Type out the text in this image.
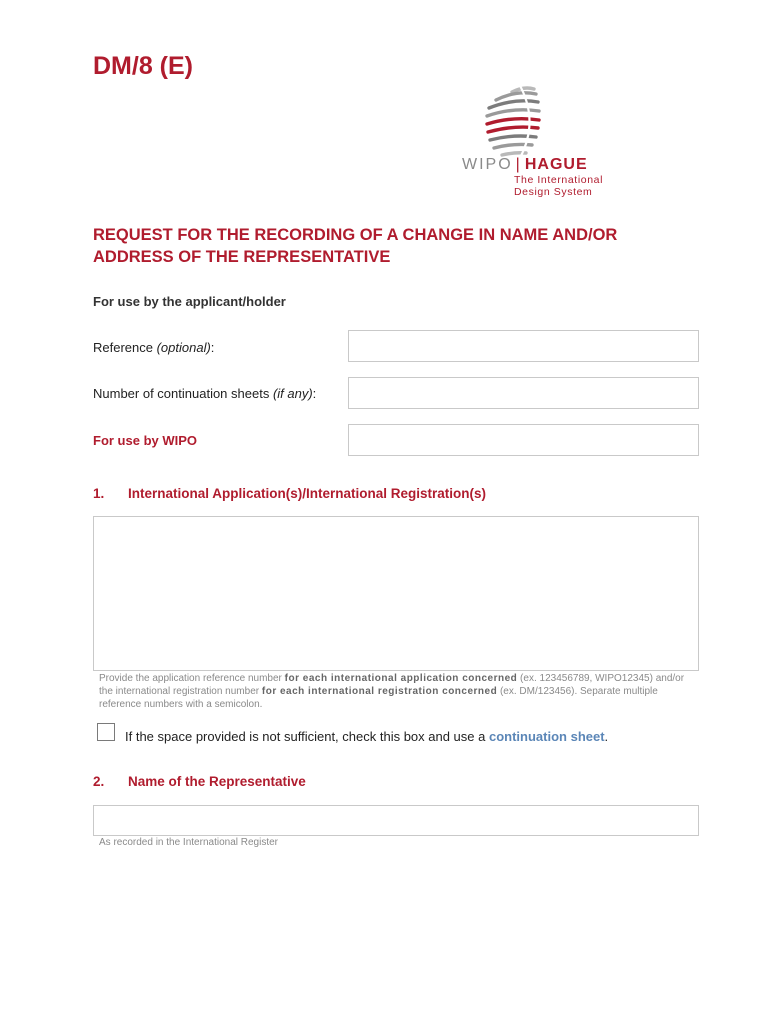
DM/8 (E)
WIPO | HAGUE
The International
Design System
REQUEST FOR THE RECORDING OF A CHANGE IN NAME AND/OR
ADDRESS OF THE REPRESENTATIVE
For use by the applicant/holder
Reference (optional):
Number of continuation sheets (if any):
For use by WIPO
1. International Application(s)/International Registration(s)
Provide the application reference number for each international application concerned (ex. 123456789, WIPO12345) and/or the international registration number for each international registration concerned (ex. DM/123456). Separate multiple reference numbers with a semicolon.
If the space provided is not sufficient, check this box and use a continuation sheet.
2. Name of the Representative
As recorded in the International Register
